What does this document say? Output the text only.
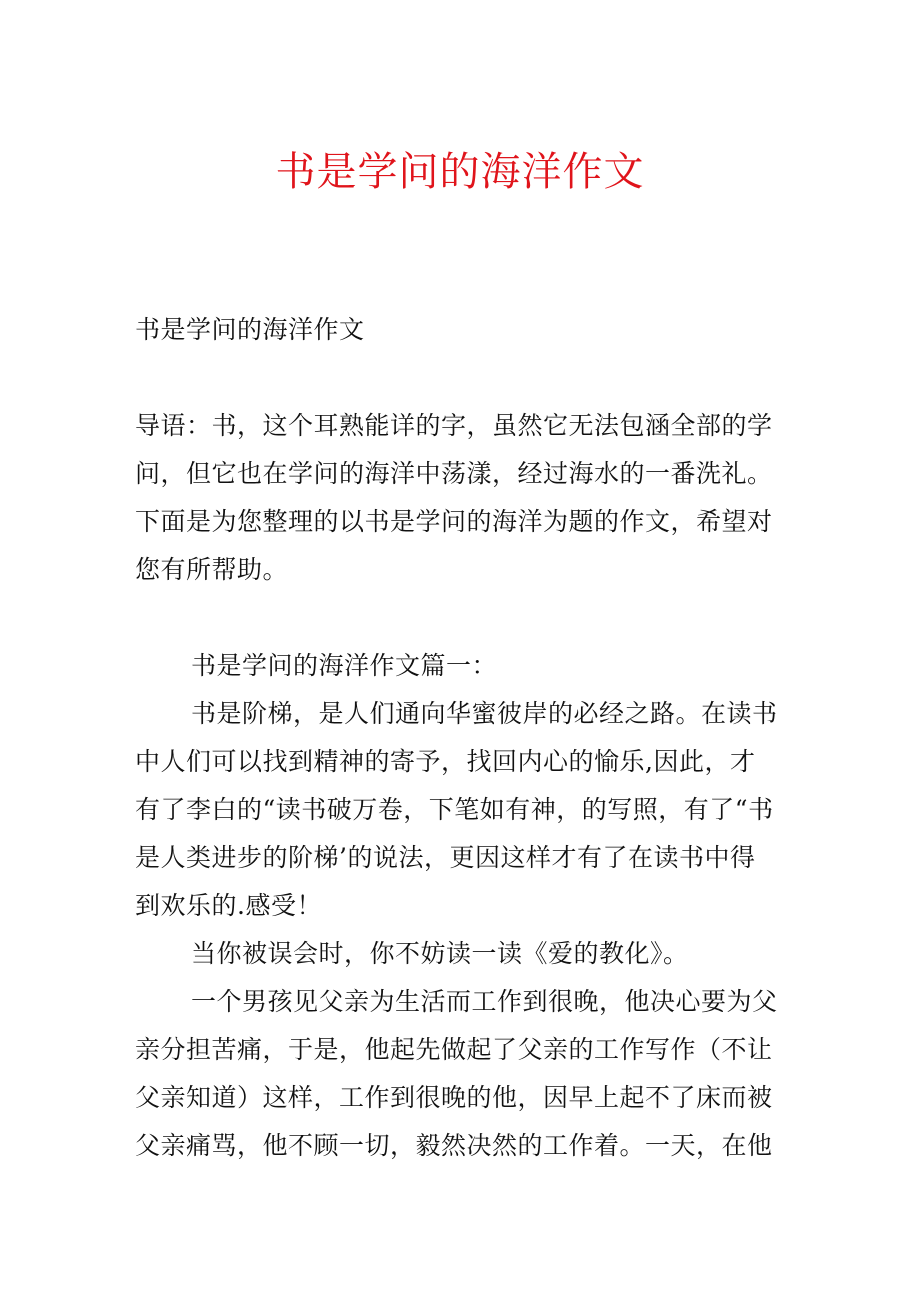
书是学问的海洋作文
书是学问的海洋作文
导语：书，这个耳熟能详的字，虽然它无法包涵全部的学
问，但它也在学问的海洋中荡漾，经过海水的一番洗礼。
下面是为您整理的以书是学问的海洋为题的作文，希望对
您有所帮助。
书是学问的海洋作文篇一：
书是阶梯，是人们通向华蜜彼岸的必经之路。在读书
中人们可以找到精神的寄予，找回内心的愉乐,因此，才
有了李白的“读书破万卷，下笔如有神，的写照，有了“书
是人类进步的阶梯’的说法，更因这样才有了在读书中得
到欢乐的.感受！
当你被误会时，你不妨读一读《爱的教化》。
一个男孩见父亲为生活而工作到很晚，他决心要为父
亲分担苦痛，于是，他起先做起了父亲的工作写作（不让
父亲知道）这样，工作到很晚的他，因早上起不了床而被
父亲痛骂，他不顾一切，毅然决然的工作着。一天，在他
